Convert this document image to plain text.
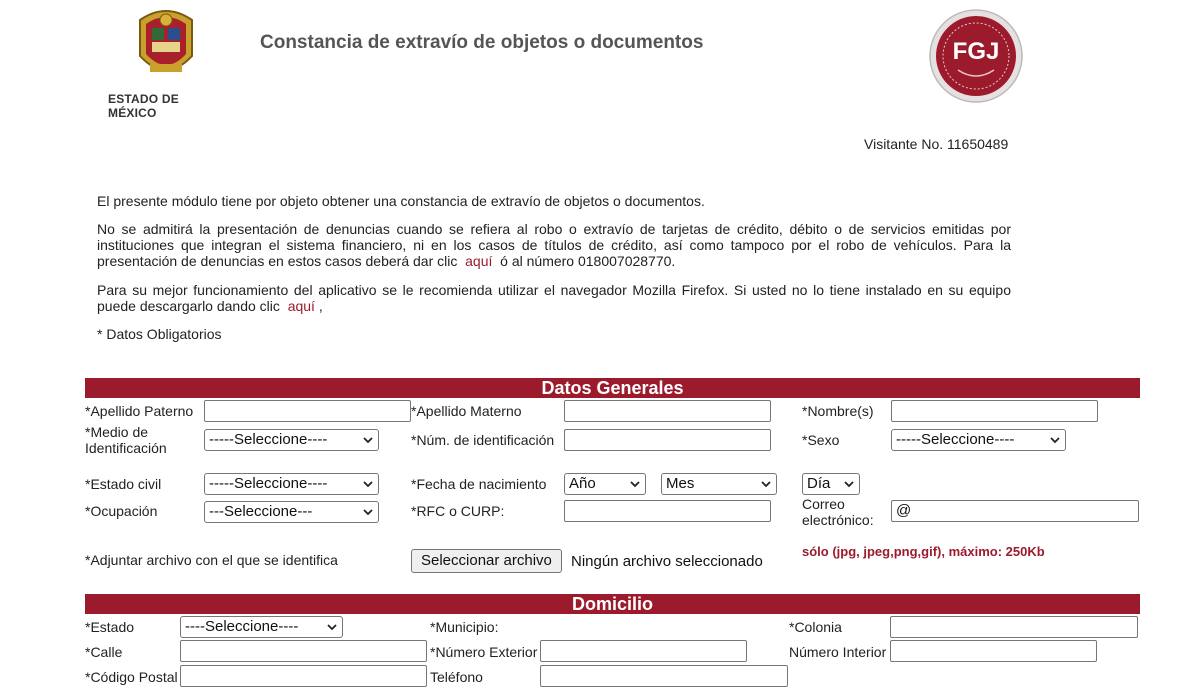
ESTADO DE MÉXICO
Constancia de extravío de objetos o documentos	FGJ
Visitante No. 11650489
El presente módulo tiene por objeto obtener una constancia de extravío de objetos o documentos.
No se admitirá la presentación de denuncias cuando se refiera al robo o extravío de tarjetas de crédito, débito o de servicios emitidas por instituciones que integran el sistema financiero, ni en los casos de títulos de crédito, así como tampoco por el robo de vehículos. Para la presentación de denuncias en estos casos deberá dar clic aquí ó al número 018007028770.
Para su mejor funcionamiento del aplicativo se le recomienda utilizar el navegador Mozilla Firefox. Si usted no lo tiene instalado en su equipo puede descargarlo dando clic aquí ,
* Datos Obligatorios
Datos Generales
*Apellido Paterno	*Apellido Materno	*Nombre(s)
*Medio de
Identificación	-----Seleccione----	*Núm. de identificación	*Sexo	-----Seleccione----
*Estado civil	-----Seleccione----	*Fecha de nacimiento Año	Mes	Día
*Ocupación	---Seleccione---	*RFC o CURP:	Correo
electrónico:
@
*Adjuntar archivo con el que se identifica	Seleccionar archivo	Ningún archivo seleccionado
sólo (jpg, jpeg,png,gif), máximo: 250Kb
Domicilio
*Estado	----Seleccione----	*Municipio:	*Colonia
*Calle	*Número Exterior	Número Interior
*Código Postal	Teléfono
